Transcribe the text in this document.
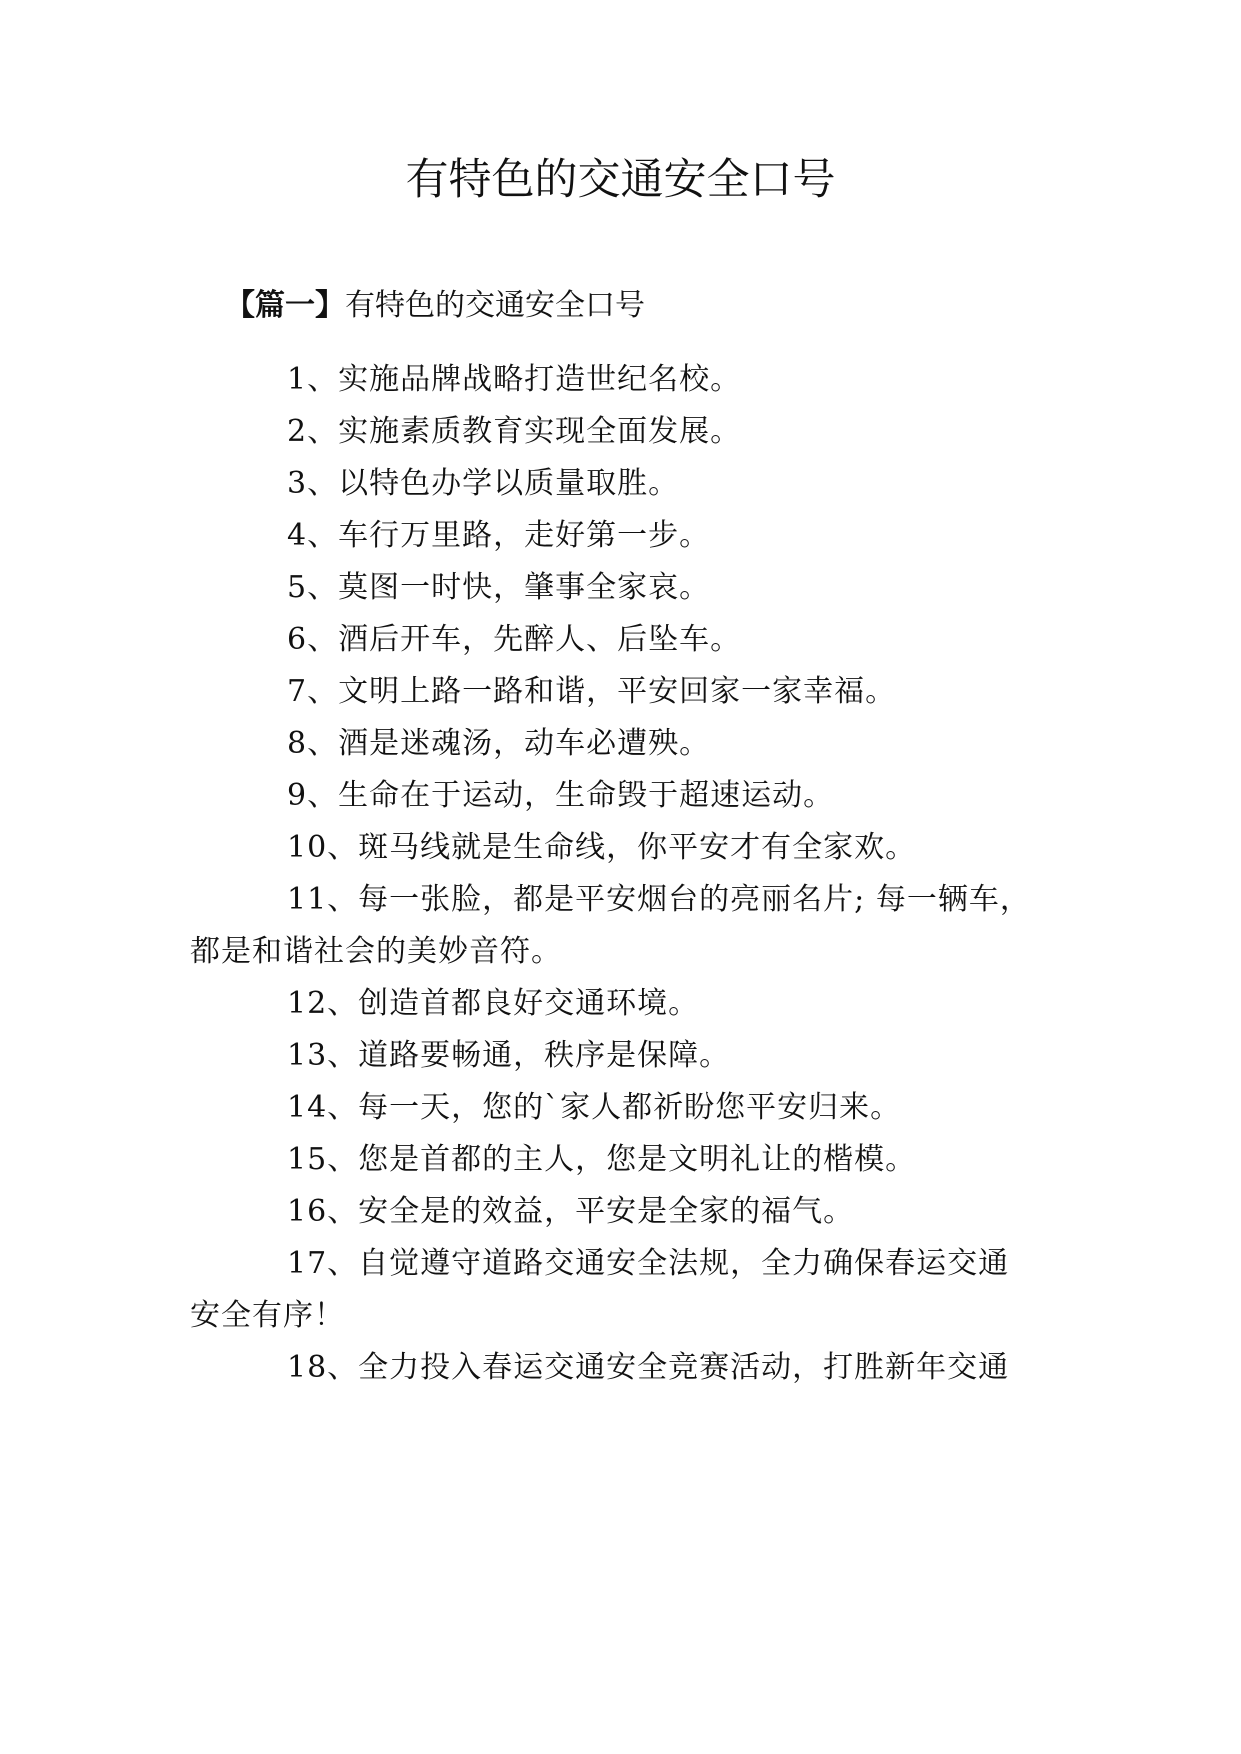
有特色的交通安全口号
【篇一】有特色的交通安全口号
1、实施品牌战略打造世纪名校。
2、实施素质教育实现全面发展。
3、以特色办学以质量取胜。
4、车行万里路，走好第一步。
5、莫图一时快，肇事全家哀。
6、酒后开车，先醉人、后坠车。
7、文明上路一路和谐，平安回家一家幸福。
8、酒是迷魂汤，动车必遭殃。
9、生命在于运动，生命毁于超速运动。
10、斑马线就是生命线，你平安才有全家欢。
11、每一张脸，都是平安烟台的亮丽名片; 每一辆车，
都是和谐社会的美妙音符。
12、创造首都良好交通环境。
13、道路要畅通，秩序是保障。
14、每一天，您的`家人都祈盼您平安归来。
15、您是首都的主人，您是文明礼让的楷模。
16、安全是的效益，平安是全家的福气。
17、自觉遵守道路交通安全法规，全力确保春运交通
安全有序！
18、全力投入春运交通安全竞赛活动，打胜新年交通
